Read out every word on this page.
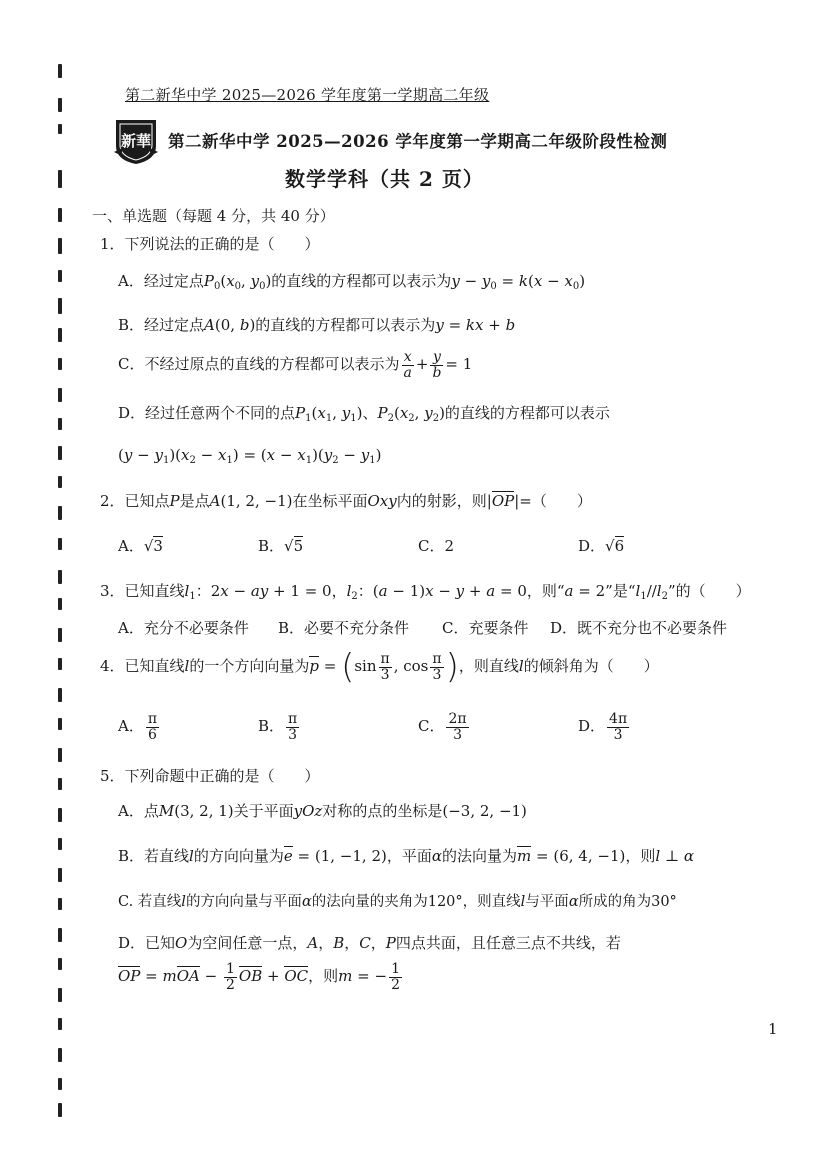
第二新华中学 2025—2026 学年度第一学期高二年级
新華 第二新华中学 2025—2026 学年度第一学期高二年级阶段性检测
数学学科（共 2 页）
一、单选题（每题 4 分，共 40 分）
1．下列说法的正确的是（　　）
A．经过定点$P_0(x_0$, $y_0$)的直线的方程都可以表示为$y - y_0 = k(x - x_0)$
B．经过定点A(0, b)的直线的方程都可以表示为y = kx + b
C．不经过原点的直线的方程都可以表示为 $\frac{x}{a} + \frac{y}{b} = 1$
D．经过任意两个不同的点$P_1(x_1$, $y_1$)、$P_2(x_2$, $y_2$)的直线的方程都可以表示
$(y - y_1)(x_2 - x_1) = (x - x_1)(y_2 - y_1)$
2．已知点P是点A(1, 2, −1)在坐标平面Oxy内的射影，则|OP|=（　　）
A．√3	B．√5	C．2	D．√6
3．已知直线$l_1$：2x − ay + 1 = 0，$l_2$：(a − 1)x − y + a = 0，则“a = 2”是“$l_1//l_2$”的（　　）
A．充分不必要条件 B．必要不充分条件 C．充要条件 D．既不充分也不必要条件
4．已知直线l的一个方向向量为$p = (\sin \frac{\pi}{3}$ , $\cos \frac{\pi}{3}$ )，则直线l的倾斜角为（　　）
A． $\frac{\pi}{6}$	B． $\frac{\pi}{3}$	C． $\frac{2\pi}{3}$	D． $\frac{4\pi}{3}$
5．下列命题中正确的是（　　）
A．点M(3, 2, 1)关于平面yOz对称的点的坐标是(−3, 2, −1)
B．若直线l的方向向量为e = (1, −1, 2)，平面α的法向量为m = (6, 4, −1)，则l ⊥ α
C. 若直线l的方向向量与平面α的法向量的夹角为120°，则直线l与平面α所成的角为30°
D．已知O为空间任意一点，A，B，C，P四点共面，且任意三点不共线，若
OP = mOA − $\frac{1}{2}$ OB + OC，则m = − $\frac{1}{2}$
1
